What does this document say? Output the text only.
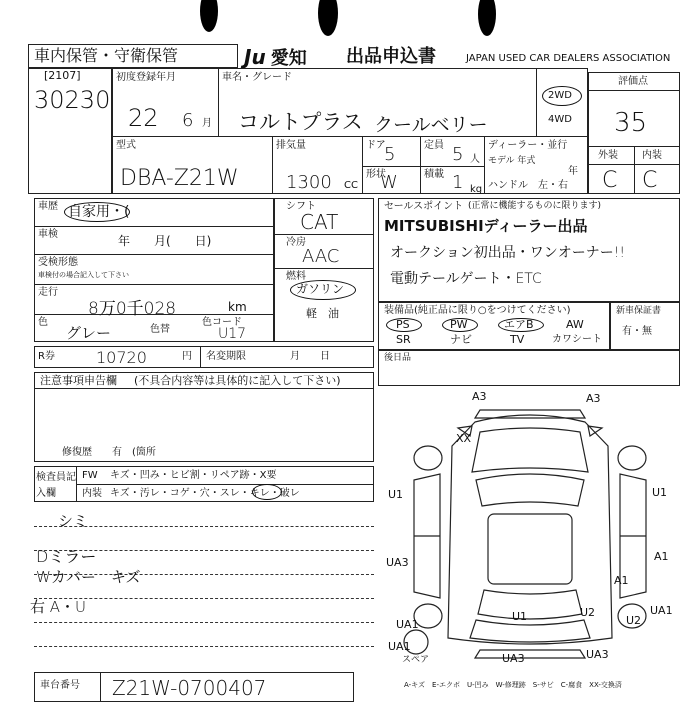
車内保管・守衛保管
[2107]
30230
Ju 愛知 出品申込書	JAPAN USED CAR DEALERS ASSOCIATION
初度登録年月
22 6 月
車名・グレード
コルトプラス クールベリー
2WD
4WD
評価点
35
外装 内装
C C
型式
DBA-Z21W
排気量
1300 CC
ドア
5	定員 5 人
形状
W	積載 1 kg
ディーラー・並行
モデル 年式
年
ハンドル　左・右
車歴 自家用・(
車検	年　　月(　　日)
受検形態
車検付の場合記入して下さい
走行
8万0千028	km
色
グレー	色替
色コード
U17
シフト
CAT
冷房
AAC
燃料
ガソリン
軽　油
R券	10720	円 名変期限	月　　日
セールスポイント (正常に機能するものに限ります)
MITSUBISHIディーラー出品
オークション初出品・ワンオーナー!!
電動テールゲート・ETC
装備品(純正品に限り○をつけてください)
PS	PW	エアB	AW
SR	ナビ	TV	カワシート
新車保証書
有・無
後日品
注意事項申告欄 (不具合内容等は具体的に記入して下さい)
修復歴　　有　(箇所
検査員記入欄
FW キズ・凹み・ヒビ割・リペア跡・X要
内装 キズ・汚レ・コゲ・穴・スレ・キレ・破レ
シミ
Dミラー
Wカバー　キズ
右 A・U
車台番号 Z21W-0700407
A3	A3
XX
U1	U1
UA3	A1
U1
UA1
U2	UA1
UA3
UA1
A1
UA3
U2
スペア
A-キズ　E-エクボ　U-凹み　W-修理跡　S-サビ　C-腐食　XX-交換済
